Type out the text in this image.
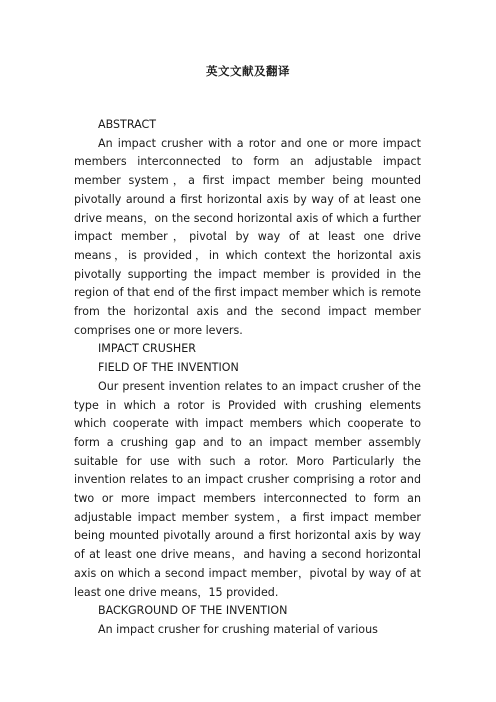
英文文献及翻译

ABSTRACT

An impact crusher with a rotor and one or more impact members interconnected to form an adjustable impact member system，a first impact member being mounted pivotally around a first horizontal axis by way of at least one drive means，on the second horizontal axis of which a further impact member，pivotal by way of at least one drive means，is provided，in which context the horizontal axis pivotally supporting the impact member is provided in the region of that end of the first impact member which is remote from the horizontal axis and the second impact member comprises one or more levers.

IMPACT CRUSHER

FIELD OF THE INVENTION

Our present invention relates to an impact crusher of the type in which a rotor is Provided with crushing elements which cooperate with impact members which cooperate to form a crushing gap and to an impact member assembly suitable for use with such a rotor. Moro Particularly the invention relates to an impact crusher comprising a rotor and two or more impact members interconnected to form an adjustable impact member system，a first impact member being mounted pivotally around a first horizontal axis by way of at least one drive means，and having a second horizontal axis on which a second impact member，pivotal by way of at least one drive means，15 provided.

BACKGROUND OF THE INVENTION

An impact crusher for crushing material of various
